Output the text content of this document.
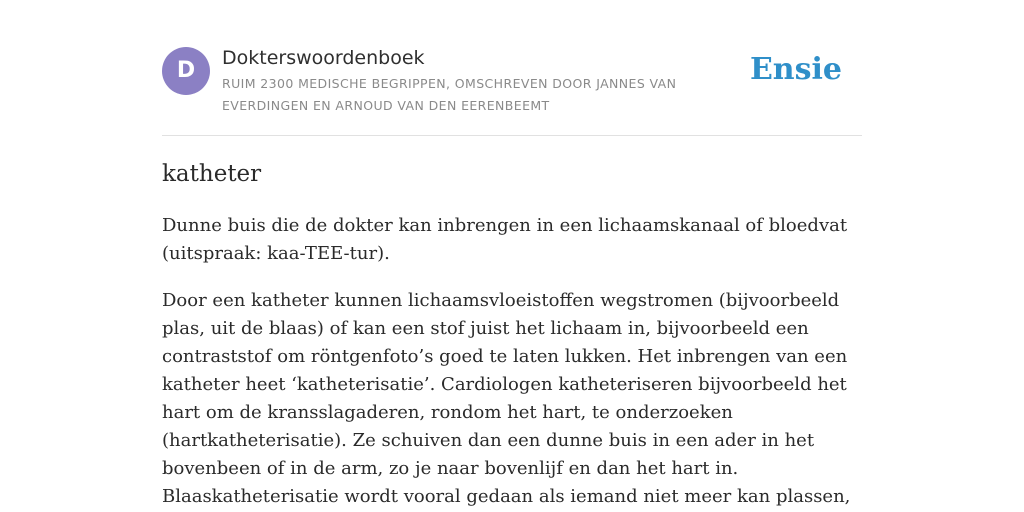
D	Dokterswoordenboek
RUIM 2300 MEDISCHE BEGRIPPEN, OMSCHREVEN DOOR JANNES VAN EVERDINGEN EN ARNOUD VAN DEN EERENBEEMT
Ensie
katheter

Dunne buis die de dokter kan inbrengen in een lichaamskanaal of bloedvat (uitspraak: kaa-TEE-tur).

Door een katheter kunnen lichaamsvloeistoffen wegstromen (bijvoorbeeld plas, uit de blaas) of kan een stof juist het lichaam in, bijvoorbeeld een contraststof om röntgenfoto’s goed te laten lukken. Het inbrengen van een katheter heet ‘katheterisatie’. Cardiologen katheteriseren bijvoorbeeld het hart om de kransslagaderen, rondom het hart, te onderzoeken (hartkatheterisatie). Ze schuiven dan een dunne buis in een ader in het bovenbeen of in de arm, zo je naar bovenlijf en dan het hart in. Blaaskatheterisatie wordt vooral gedaan als iemand niet meer kan plassen,
